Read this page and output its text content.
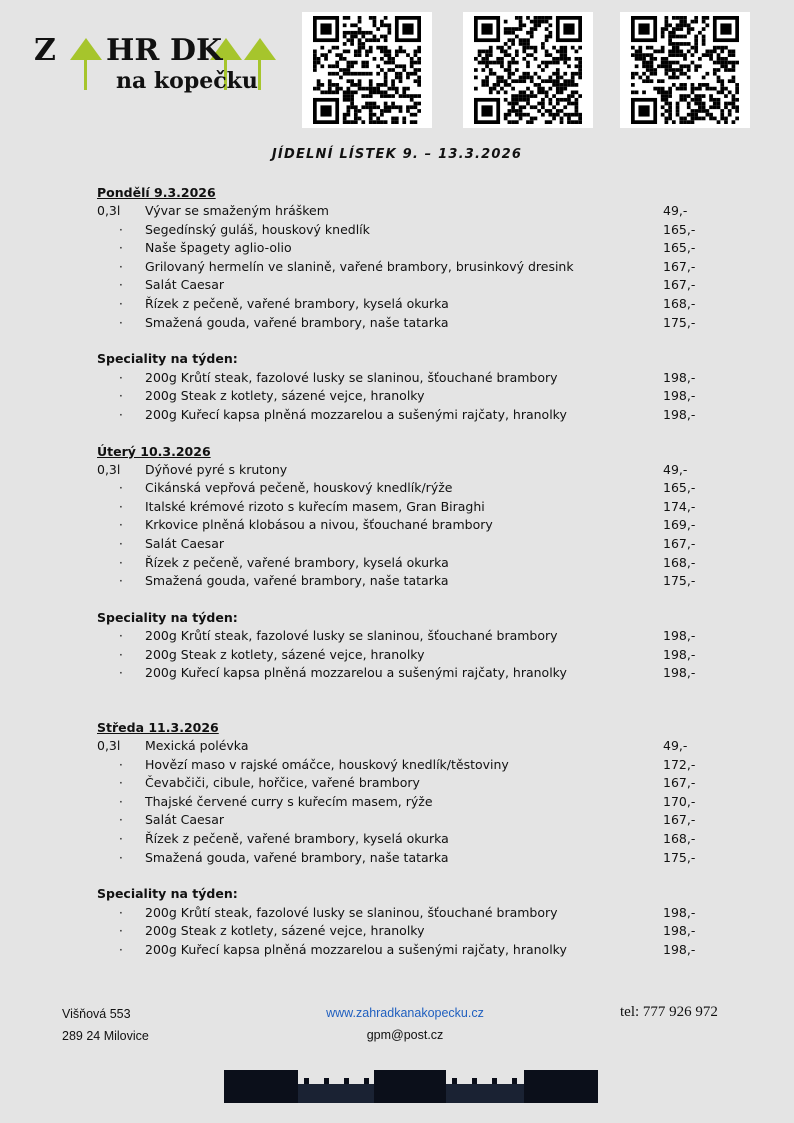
Z HR DK
na kopečku
JÍDELNÍ LÍSTEK 9. – 13.3.2026
Pondělí 9.3.2026
0,3l Vývar se smaženým hráškem	49,-
· Segedínský guláš, houskový knedlík	165,-
· Naše špagety aglio-olio	165,-
· Grilovaný hermelín ve slanině, vařené brambory, brusinkový dresink	167,-
· Salát Caesar	167,-
· Řízek z pečeně, vařené brambory, kyselá okurka	168,-
· Smažená gouda, vařené brambory, naše tatarka	175,-
Speciality na týden:
· 200g Krůtí steak, fazolové lusky se slaninou, šťouchané brambory	198,-
· 200g Steak z kotlety, sázené vejce, hranolky	198,-
· 200g Kuřecí kapsa plněná mozzarelou a sušenými rajčaty, hranolky	198,-
Úterý 10.3.2026
0,3l Dýňové pyré s krutony	49,-
· Cikánská vepřová pečeně, houskový knedlík/rýže	165,-
· Italské krémové rizoto s kuřecím masem, Gran Biraghi	174,-
· Krkovice plněná klobásou a nivou, šťouchané brambory	169,-
· Salát Caesar	167,-
· Řízek z pečeně, vařené brambory, kyselá okurka	168,-
· Smažená gouda, vařené brambory, naše tatarka	175,-
Speciality na týden:
· 200g Krůtí steak, fazolové lusky se slaninou, šťouchané brambory	198,-
· 200g Steak z kotlety, sázené vejce, hranolky	198,-
· 200g Kuřecí kapsa plněná mozzarelou a sušenými rajčaty, hranolky	198,-
Středa 11.3.2026
0,3l Mexická polévka	49,-
· Hovězí maso v rajské omáčce, houskový knedlík/těstoviny	172,-
· Čevabčiči, cibule, hořčice, vařené brambory	167,-
· Thajské červené curry s kuřecím masem, rýže	170,-
· Salát Caesar	167,-
· Řízek z pečeně, vařené brambory, kyselá okurka	168,-
· Smažená gouda, vařené brambory, naše tatarka	175,-
Speciality na týden:
· 200g Krůtí steak, fazolové lusky se slaninou, šťouchané brambory	198,-
· 200g Steak z kotlety, sázené vejce, hranolky	198,-
· 200g Kuřecí kapsa plněná mozzarelou a sušenými rajčaty, hranolky	198,-
Višňová 553
289 24 Milovice
www.zahradkanakopecku.cz
gpm@post.cz
tel: 777 926 972
